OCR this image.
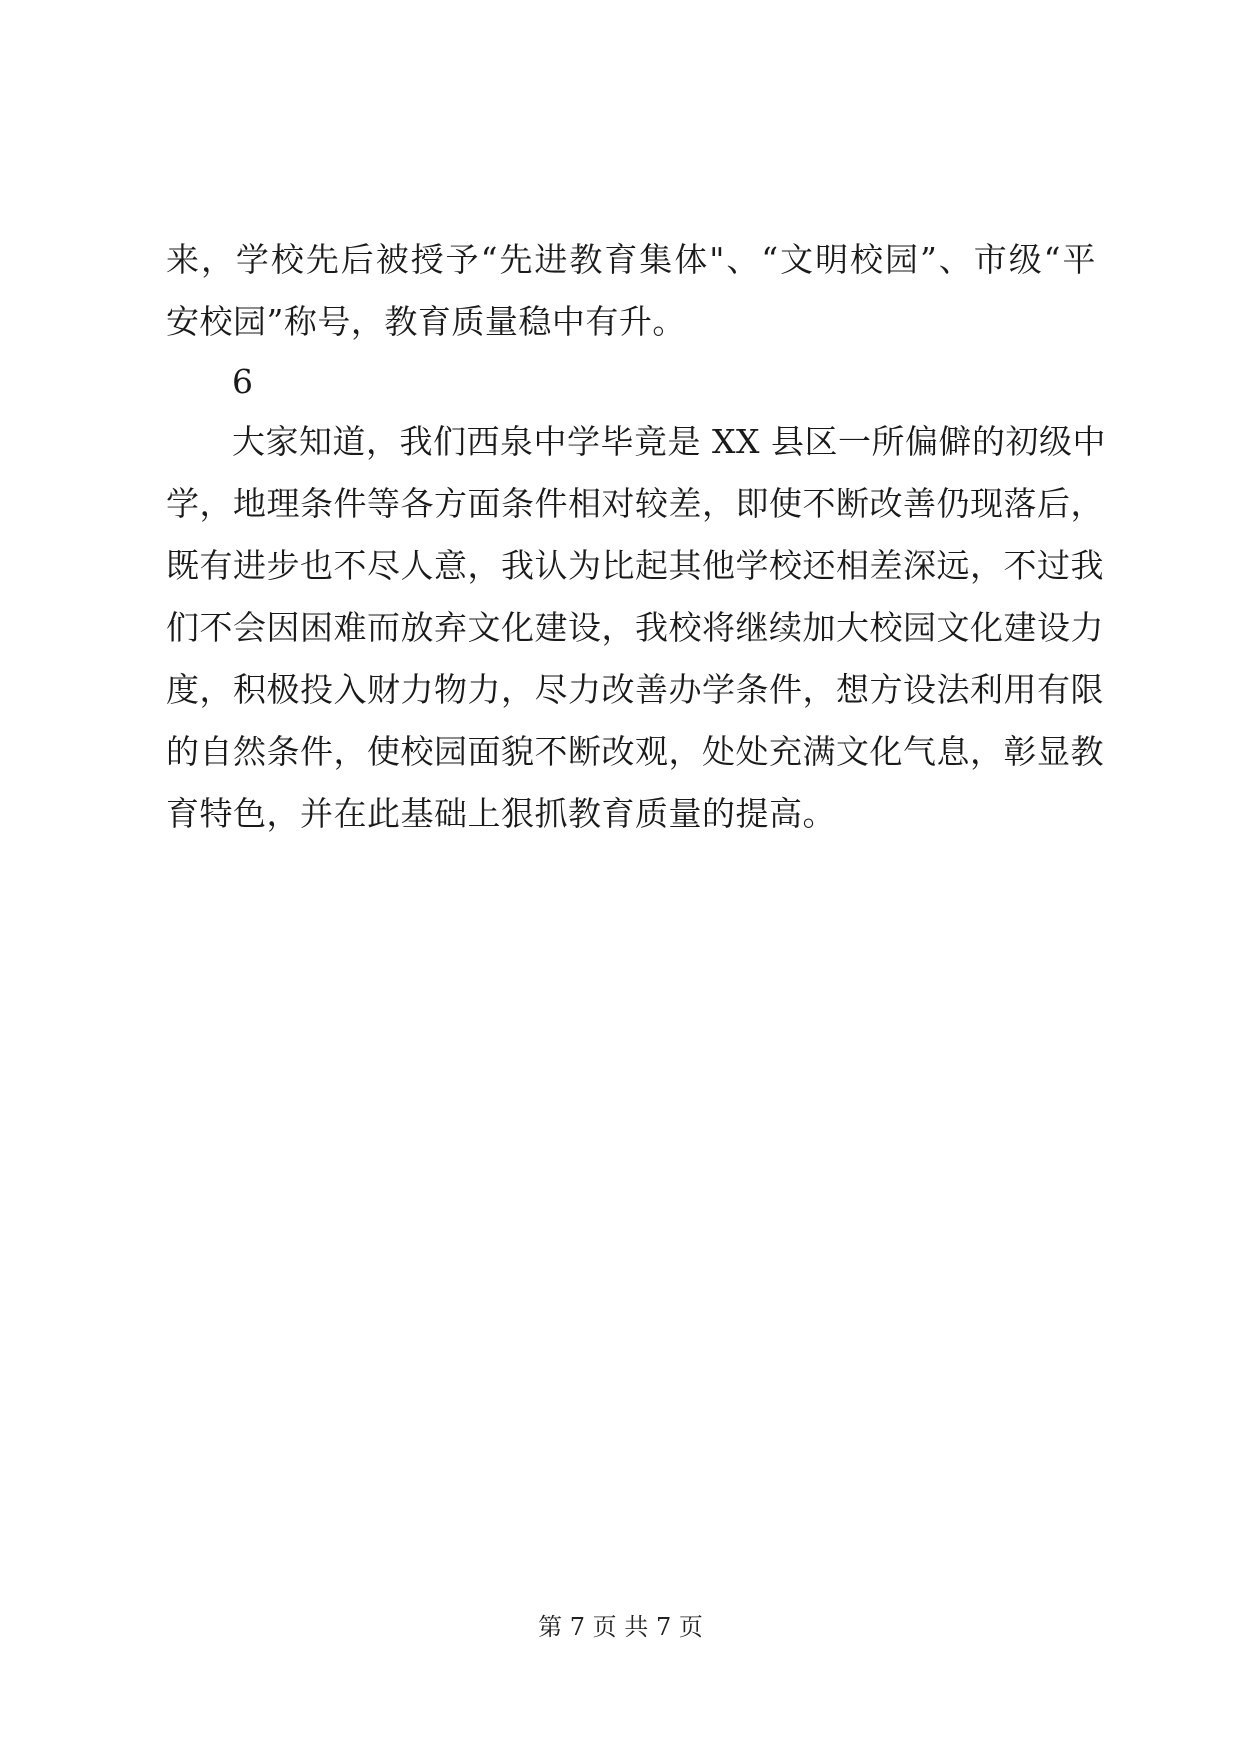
来，学校先后被授予“先进教育集体"、“文明校园”、市级“平
安校园”称号，教育质量稳中有升。
6
大家知道，我们西泉中学毕竟是 XX 县区一所偏僻的初级中
学，地理条件等各方面条件相对较差，即使不断改善仍现落后，
既有进步也不尽人意，我认为比起其他学校还相差深远，不过我
们不会因困难而放弃文化建设，我校将继续加大校园文化建设力
度，积极投入财力物力，尽力改善办学条件，想方设法利用有限
的自然条件，使校园面貌不断改观，处处充满文化气息，彰显教
育特色，并在此基础上狠抓教育质量的提高。
第 7 页 共 7 页
